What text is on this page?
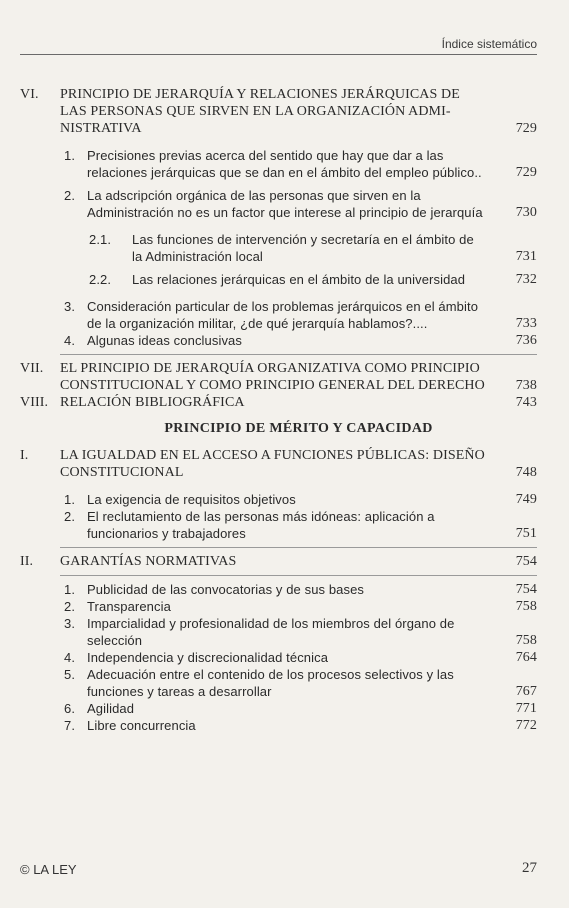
Índice sistemático
VI.	PRINCIPIO DE JERARQUÍA Y RELACIONES JERÁRQUICAS DE LAS PERSONAS QUE SIRVEN EN LA ORGANIZACIÓN ADMI-NISTRATIVA	729
1. Precisiones previas acerca del sentido que hay que dar a las relaciones jerárquicas que se dan en el ámbito del empleo público..	729
2. La adscripción orgánica de las personas que sirven en la Administración no es un factor que interese al principio de jerarquía	730
2.1.	Las funciones de intervención y secretaría en el ámbito de la Administración local	731
2.2.	Las relaciones jerárquicas en el ámbito de la universidad	732
3. Consideración particular de los problemas jerárquicos en el ámbito de la organización militar, ¿de qué jerarquía hablamos?....	733
4. Algunas ideas conclusivas	736
VII.	EL PRINCIPIO DE JERARQUÍA ORGANIZATIVA COMO PRINCIPIO CONSTITUCIONAL Y COMO PRINCIPIO GENERAL DEL DERECHO	738
VIII. RELACIÓN BIBLIOGRÁFICA	743
PRINCIPIO DE MÉRITO Y CAPACIDAD
I.	LA IGUALDAD EN EL ACCESO A FUNCIONES PÚBLICAS: DISEÑO CONSTITUCIONAL	748
1. La exigencia de requisitos objetivos	749
2. El reclutamiento de las personas más idóneas: aplicación a funcionarios y trabajadores	751
II.	GARANTÍAS NORMATIVAS	754
1. Publicidad de las convocatorias y de sus bases	754
2. Transparencia	758
3. Imparcialidad y profesionalidad de los miembros del órgano de selección	758
4. Independencia y discrecionalidad técnica	764
5. Adecuación entre el contenido de los procesos selectivos y las funciones y tareas a desarrollar	767
6. Agilidad	771
7. Libre concurrencia	772
© LA LEY	27
